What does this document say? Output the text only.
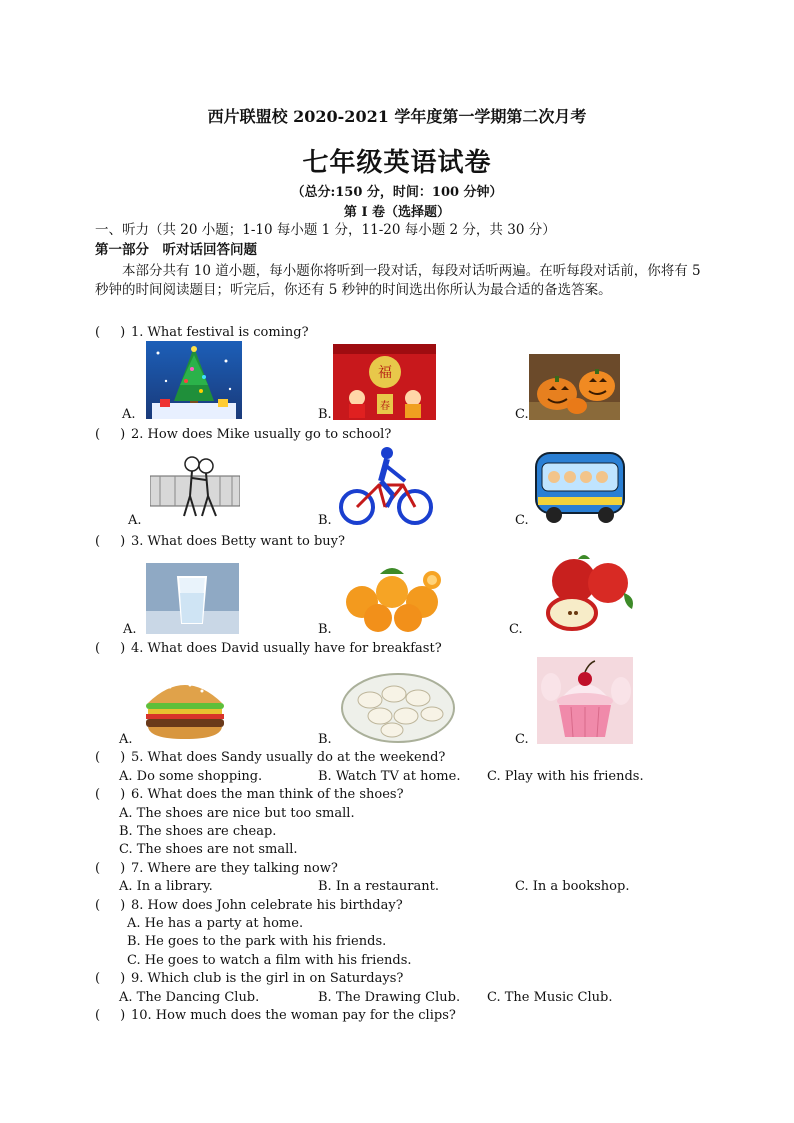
西片联盟校 2020-2021 学年度第一学期第二次月考
七年级英语试卷
（总分:150 分，时间：100 分钟）
第 I 卷（选择题）
一、听力（共 20 小题；1-10 每小题 1 分，11-20 每小题 2 分，共 30 分）
第一部分　听对话回答问题
本部分共有 10 道小题，每小题你将听到一段对话，每段对话听两遍。在听每段对话前，你将有 5 秒钟的时间阅读题目；听完后，你还有 5 秒钟的时间选出你所认为最合适的备选答案。
( ) 1. What festival is coming?
A.	B.	C.
福
春
( ) 2. How does Mike usually go to school?
A.	B.	C.
( ) 3. What does Betty want to buy?
A.	B.	C.
( ) 4. What does David usually have for breakfast?
A.	B.	C.
( ) 5. What does Sandy usually do at the weekend?
A. Do some shopping.	B. Watch TV at home. C. Play with his friends.
( ) 6. What does the man think of the shoes?
A. The shoes are nice but too small.
B. The shoes are cheap.
C. The shoes are not small.
( ) 7. Where are they talking now?
A. In a library.	B. In a restaurant.	C. In a bookshop.
( ) 8. How does John celebrate his birthday?
A. He has a party at home.
B. He goes to the park with his friends.
C. He goes to watch a film with his friends.
( ) 9. Which club is the girl in on Saturdays?
A. The Dancing Club.	B. The Drawing Club. C. The Music Club.
( ) 10. How much does the woman pay for the clips?
